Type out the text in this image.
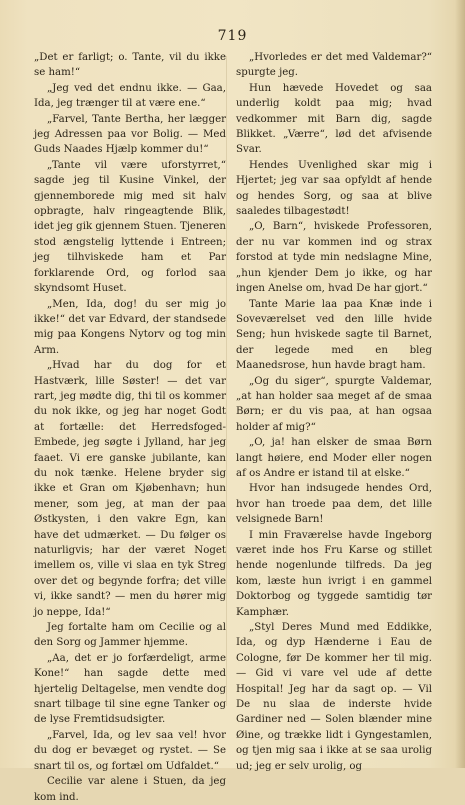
719

„Det er farligt; o. Tante, vil du ikke se ham!“

„Jeg ved det endnu ikke. — Gaa, Ida, jeg trænger til at være ene.“

„Farvel, Tante Bertha, her lægger jeg Adressen paa vor Bolig. — Med Guds Naades Hjælp kommer du!“

„Tante vil være uforstyrret,“ sagde jeg til Kusine Vinkel, der gjennemborede mig med sit halv opbragte, halv ringeagtende Blik, idet jeg gik gjennem Stuen. Tjeneren stod ængstelig lyttende i Entreen; jeg tilhviskede ham et Par forklarende Ord, og forlod saa skyndsomt Huset.

„Men, Ida, dog! du ser mig jo ikke!“ det var Edvard, der standsede mig paa Kongens Nytorv og tog min Arm.

„Hvad har du dog for et Hastværk, lille Søster! — det var rart, jeg mødte dig, thi til os kommer du nok ikke, og jeg har noget Godt at fortælle: det Herredsfoged-Embede, jeg søgte i Jylland, har jeg faaet. Vi ere ganske jubilante, kan du nok tænke. Helene bryder sig ikke et Gran om Kjøbenhavn; hun mener, som jeg, at man der paa Østkysten, i den vakre Egn, kan have det udmærket. — Du følger os naturligvis; har der været Noget imellem os, ville vi slaa en tyk Streg over det og begynde forfra; det ville vi, ikke sandt? — men du hører mig jo neppe, Ida!“

Jeg fortalte ham om Cecilie og al den Sorg og Jammer hjemme.

„Aa, det er jo forfærdeligt, arme Kone!“ han sagde dette med hjertelig Deltagelse, men vendte dog snart tilbage til sine egne Tanker og de lyse Fremtidsudsigter.

„Farvel, Ida, og lev saa vel! hvor du dog er bevæget og rystet. — Se snart til os, og fortæl om Udfaldet.“

Cecilie var alene i Stuen, da jeg kom ind.

„Hvorledes er det med Valdemar?“ spurgte jeg.

Hun hævede Hovedet og saa underlig koldt paa mig; hvad vedkommer mit Barn dig, sagde Blikket. „Værre“, lød det afvisende Svar.

Hendes Uvenlighed skar mig i Hjertet; jeg var saa opfyldt af hende og hendes Sorg, og saa at blive saaledes tilbagestødt!

„O, Barn“, hviskede Professoren, der nu var kommen ind og strax forstod at tyde min nedslagne Mine, „hun kjender Dem jo ikke, og har ingen Anelse om, hvad De har gjort.“

Tante Marie laa paa Knæ inde i Soveværelset ved den lille hvide Seng; hun hviskede sagte til Barnet, der legede med en bleg Maanedsrose, hun havde bragt ham.

„Og du siger“, spurgte Valdemar, „at han holder saa meget af de smaa Børn; er du vis paa, at han ogsaa holder af mig?“

„O, ja! han elsker de smaa Børn langt høiere, end Moder eller nogen af os Andre er istand til at elske.“

Hvor han indsugede hendes Ord, hvor han troede paa dem, det lille velsignede Barn!

I min Fraværelse havde Ingeborg været inde hos Fru Karse og stillet hende nogenlunde tilfreds. Da jeg kom, læste hun ivrigt i en gammel Doktorbog og tyggede samtidig tør Kamphær.

„Styl Deres Mund med Eddikke, Ida, og dyp Hænderne i Eau de Cologne, før De kommer her til mig. — Gid vi vare vel ude af dette Hospital! Jeg har da sagt op. — Vil De nu slaa de inderste hvide Gardiner ned — Solen blænder mine Øine, og trække lidt i Gyngestamlen, og tjen mig saa i ikke at se saa urolig ud; jeg er selv urolig, og
